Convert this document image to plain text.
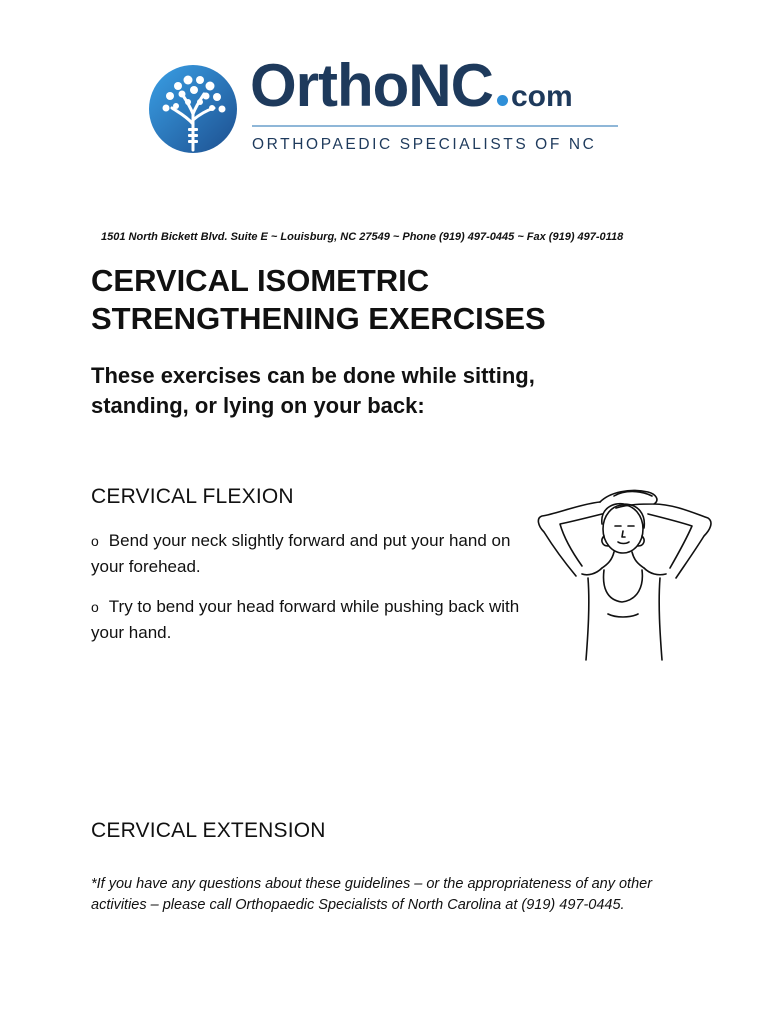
OrthoNC com
ORTHOPAEDIC SPECIALISTS OF NC
1501 North Bickett Blvd. Suite E ~ Louisburg, NC 27549 ~ Phone (919) 497-0445 ~ Fax (919) 497-0118
CERVICAL ISOMETRIC
STRENGTHENING EXERCISES

These exercises can be done while sitting, standing, or lying on your back:

CERVICAL FLEXION

o Bend your neck slightly forward and put your hand on your forehead.

o Try to bend your head forward while pushing back with your hand.

CERVICAL EXTENSION

*If you have any questions about these guidelines – or the appropriateness of any other activities – please call Orthopaedic Specialists of North Carolina at (919) 497-0445.
